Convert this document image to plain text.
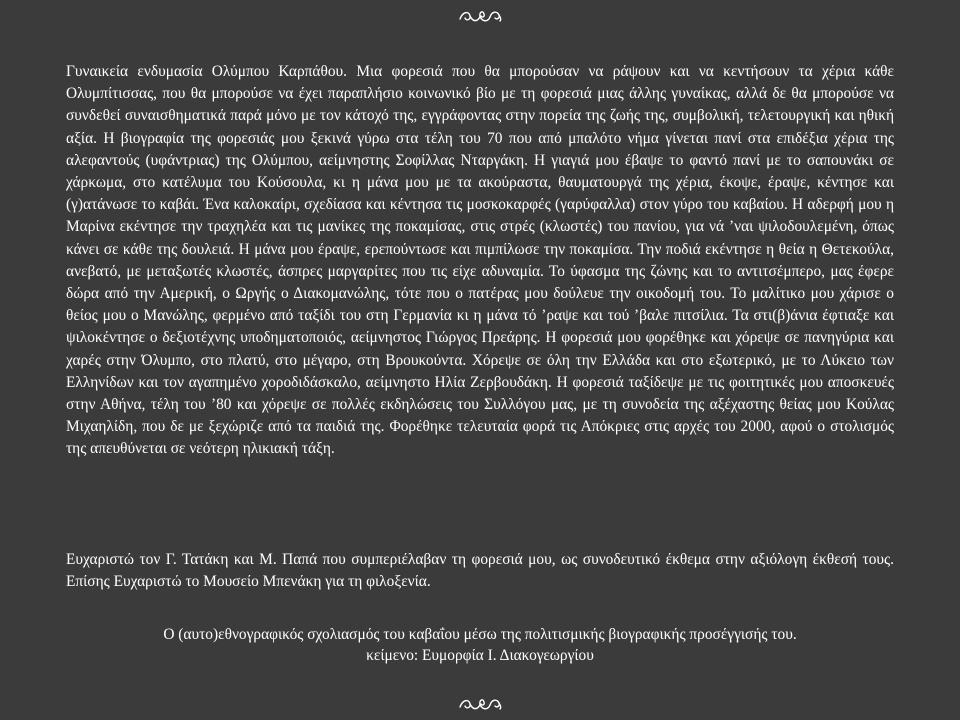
Γυναικεία ενδυμασία Ολύμπου Καρπάθου. Μια φορεσιά που θα μπορούσαν να ράψουν και να κεντήσουν τα χέρια κάθε Ολυμπίτισσας, που θα μπορούσε να έχει παραπλήσιο κοινωνικό βίο με τη φορεσιά μιας άλλης γυναίκας, αλλά δε θα μπορούσε να συνδεθεί συναισθηματικά παρά μόνο με τον κάτοχό της, εγγράφοντας στην πορεία της ζωής της, συμβολική, τελετουργική και ηθική αξία. Η βιογραφία της φορεσιάς μου ξεκινά γύρω στα τέλη του 70 που από μπαλότο νήμα γίνεται πανί στα επιδέξια χέρια της αλεφαντούς (υφάντριας) της Ολύμπου, αείμνηστης Σοφίλλας Νταργάκη. Η γιαγιά μου έβαψε το φαντό πανί με το σαπουνάκι σε χάρκωμα, στο κατέλυμα του Κούσουλα, κι η μάνα μου με τα ακούραστα, θαυματουργά της χέρια, έκοψε, έραψε, κέντησε και (γ)ατάνωσε το καβάι. Ένα καλοκαίρι, σχεδίασα και κέντησα τις μοσκοκαρφές (γαρύφαλλα) στον γύρο του καβαίου. Η αδερφή μου η Μαρίνα εκέντησε την τραχηλέα και τις μανίκες της ποκαμίσας, στις στρές (κλωστές) του πανίου, για νά ’ναι ψιλοδουλεμένη, όπως κάνει σε κάθε της δουλειά. Η μάνα μου έραψε, ερεπούντωσε και πιμπίλωσε την ποκαμίσα. Την ποδιά εκέντησε η θεία η Θετεκούλα, ανεβατό, με μεταξωτές κλωστές, άσπρες μαργαρίτες που τις είχε αδυναμία. Το ύφασμα της ζώνης και το αντιτσέμπερο, μας έφερε δώρα από την Αμερική, ο Ωργής ο Διακομανώλης, τότε που ο πατέρας μου δούλευε την οικοδομή του. Το μαλίτικο μου χάρισε ο θείος μου ο Μανώλης, φερμένο από ταξίδι του στη Γερμανία κι η μάνα τό ’ραψε και τού ’βαλε πιτσίλια. Τα στι(β)άνια έφτιαξε και ψιλοκέντησε ο δεξιοτέχνης υποδηματοποιός, αείμνηστος Γιώργος Πρεάρης. Η φορεσιά μου φορέθηκε και χόρεψε σε πανηγύρια και χαρές στην Όλυμπο, στο πλατύ, στο μέγαρο, στη Βρουκούντα. Χόρεψε σε όλη την Ελλάδα και στο εξωτερικό, με το Λύκειο των Ελληνίδων και τον αγαπημένο χοροδιδάσκαλο, αείμνηστο Ηλία Ζερβουδάκη. Η φορεσιά ταξίδεψε με τις φοιτητικές μου αποσκευές στην Αθήνα, τέλη του ’80 και χόρεψε σε πολλές εκδηλώσεις του Συλλόγου μας, με τη συνοδεία της αξέχαστης θείας μου Κούλας Μιχαηλίδη, που δε με ξεχώριζε από τα παιδιά της. Φορέθηκε τελευταία φορά τις Απόκριες στις αρχές του 2000, αφού ο στολισμός της απευθύνεται σε νεότερη ηλικιακή τάξη.

Ευχαριστώ τον Γ. Τατάκη και Μ. Παπά που συμπεριέλαβαν τη φορεσιά μου, ως συνοδευτικό έκθεμα στην αξιόλογη έκθεσή τους. Επίσης Ευχαριστώ το Μουσείο Μπενάκη για τη φιλοξενία.

Ο (αυτο)εθνογραφικός σχολιασμός του καβαΐου μέσω της πολιτισμικής βιογραφικής προσέγγισής του.
κείμενο: Ευμορφία Ι. Διακογεωργίου
